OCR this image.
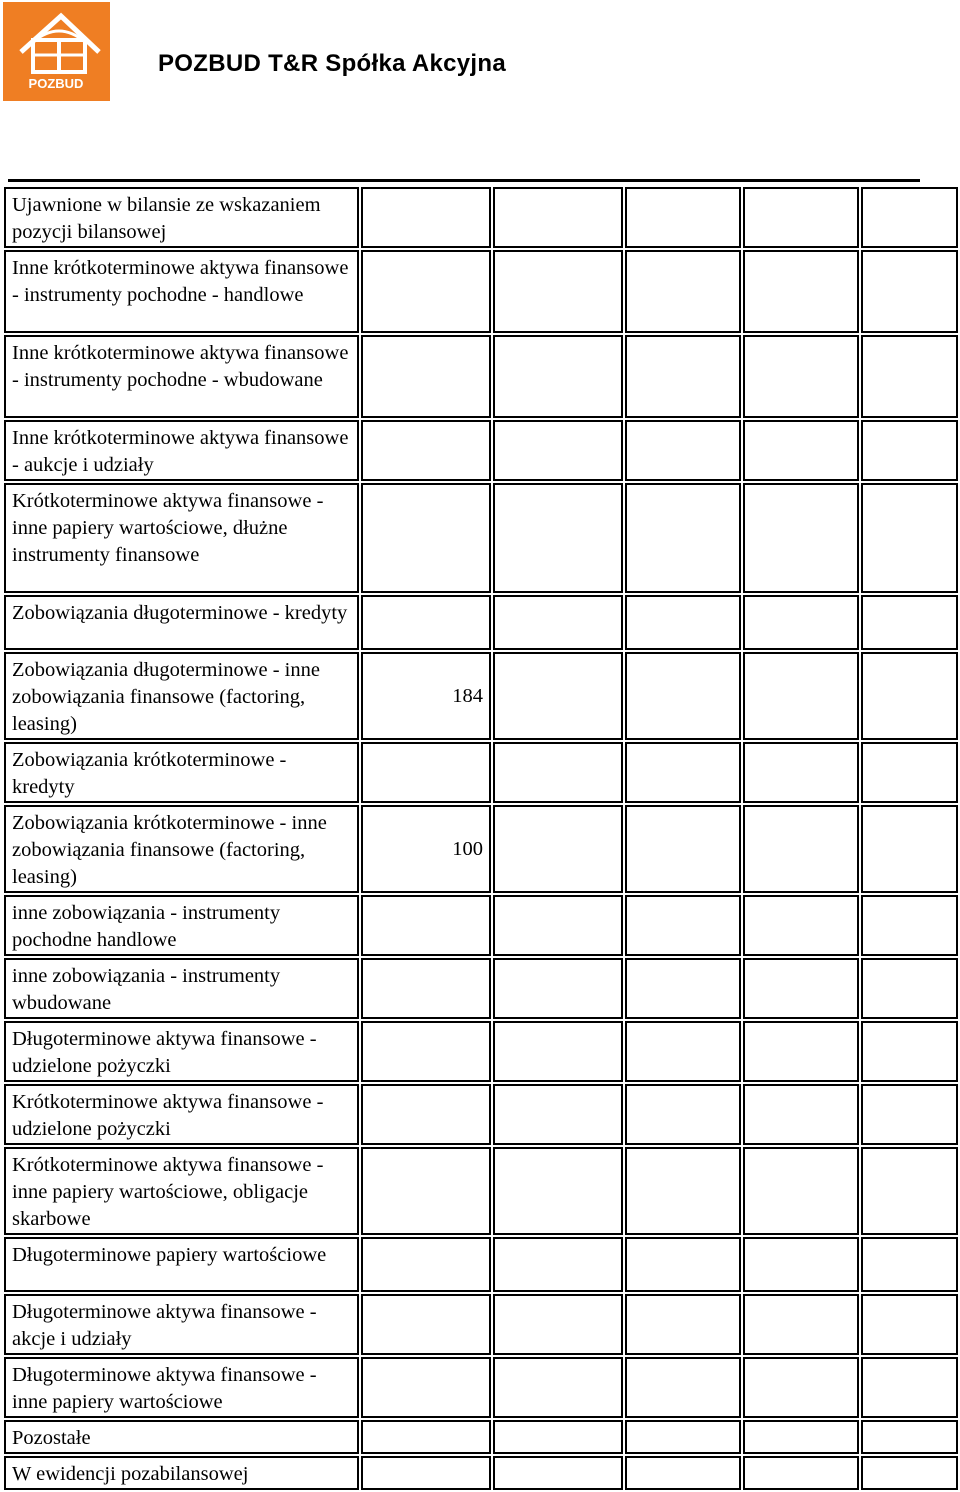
POZBUD
POZBUD T&R Spółka Akcyjna
Ujawnione w bilansie ze wskazaniem pozycji bilansowej					
Inne krótkoterminowe aktywa finansowe - instrumenty pochodne - handlowe					
Inne krótkoterminowe aktywa finansowe - instrumenty pochodne - wbudowane					
Inne krótkoterminowe aktywa finansowe - aukcje i udziały					
Krótkoterminowe aktywa finansowe - inne papiery wartościowe, dłużne instrumenty finansowe					
Zobowiązania długoterminowe - kredyty					
Zobowiązania długoterminowe - inne zobowiązania finansowe (factoring, leasing)	184				
Zobowiązania krótkoterminowe - kredyty					
Zobowiązania krótkoterminowe - inne zobowiązania finansowe (factoring, leasing)	100				
inne zobowiązania - instrumenty pochodne handlowe					
inne zobowiązania - instrumenty wbudowane					
Długoterminowe aktywa finansowe - udzielone pożyczki					
Krótkoterminowe aktywa finansowe - udzielone pożyczki					
Krótkoterminowe aktywa finansowe - inne papiery wartościowe, obligacje skarbowe					
Długoterminowe papiery wartościowe					
Długoterminowe aktywa finansowe - akcje i udziały					
Długoterminowe aktywa finansowe - inne papiery wartościowe					
Pozostałe					
W ewidencji pozabilansowej					
